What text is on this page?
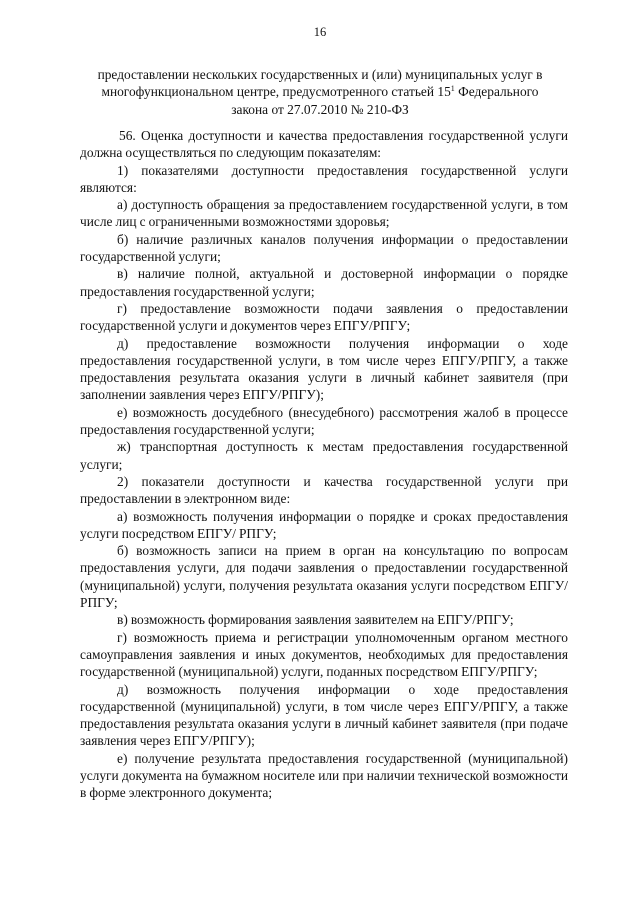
16
предоставлении нескольких государственных и (или) муниципальных услуг в
многофункциональном центре, предусмотренного статьей $15^1$ Федерального
закона от 27.07.2010 № 210-ФЗ

56. Оценка доступности и качества предоставления государственной услуги должна осуществляться по следующим показателям:

1) показателями доступности предоставления государственной услуги являются:

а) доступность обращения за предоставлением государственной услуги, в том числе лиц с ограниченными возможностями здоровья;

б) наличие различных каналов получения информации о предоставлении государственной услуги;

в) наличие полной, актуальной и достоверной информации о порядке предоставления государственной услуги;

г) предоставление возможности подачи заявления о предоставлении государственной услуги и документов через ЕПГУ/РПГУ;

д) предоставление возможности получения информации о ходе предоставления государственной услуги, в том числе через ЕПГУ/РПГУ, а также предоставления результата оказания услуги в личный кабинет заявителя (при заполнении заявления через ЕПГУ/РПГУ);

е) возможность досудебного (внесудебного) рассмотрения жалоб в процессе предоставления государственной услуги;

ж) транспортная доступность к местам предоставления государственной услуги;

2) показатели доступности и качества государственной услуги при предоставлении в электронном виде:

а) возможность получения информации о порядке и сроках предоставления услуги посредством ЕПГУ/ РПГУ;

б) возможность записи на прием в орган на консультацию по вопросам предоставления услуги, для подачи заявления о предоставлении государственной (муниципальной) услуги, получения результата оказания услуги посредством ЕПГУ/РПГУ;

в) возможность формирования заявления заявителем на ЕПГУ/РПГУ;

г) возможность приема и регистрации уполномоченным органом местного самоуправления заявления и иных документов, необходимых для предоставления государственной (муниципальной) услуги, поданных посредством ЕПГУ/РПГУ;

д) возможность получения информации о ходе предоставления государственной (муниципальной) услуги, в том числе через ЕПГУ/РПГУ, а также предоставления результата оказания услуги в личный кабинет заявителя (при подаче заявления через ЕПГУ/РПГУ);

е) получение результата предоставления государственной (муниципальной) услуги документа на бумажном носителе или при наличии технической возможности в форме электронного документа;
